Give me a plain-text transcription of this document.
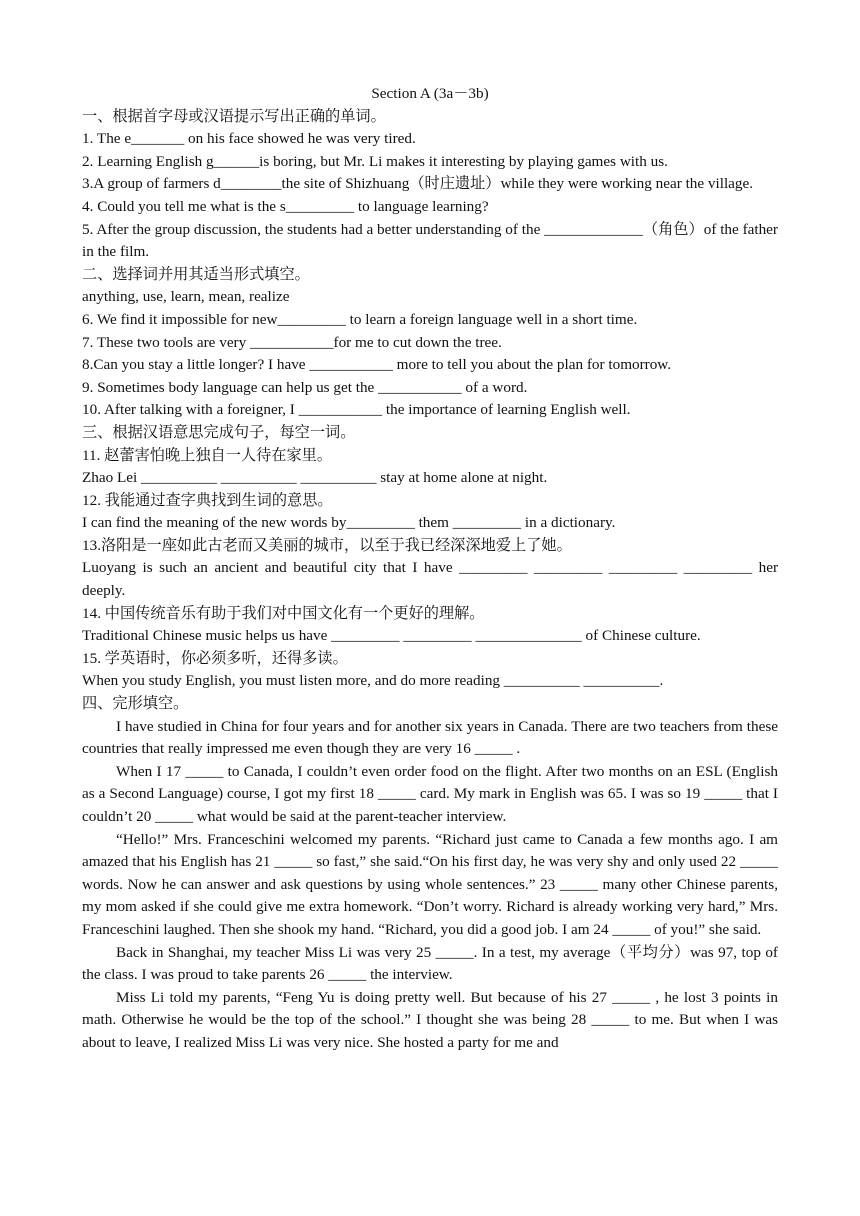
Section A (3a－3b)

一、根据首字母或汉语提示写出正确的单词。

1. The e_______ on his face showed he was very tired.

2. Learning English g______is boring, but Mr. Li makes it interesting by playing games with us.

3.A group of farmers d________the site of Shizhuang（时庄遗址）while they were working near the village.

4. Could you tell me what is the s_________ to language learning?

5. After the group discussion, the students had a better understanding of the _____________（角色）of the father in the film.

二、选择词并用其适当形式填空。

anything, use, learn, mean, realize

6. We find it impossible for new_________ to learn a foreign language well in a short time.

7. These two tools are very ___________for me to cut down the tree.

8.Can you stay a little longer? I have ___________ more to tell you about the plan for tomorrow.

9. Sometimes body language can help us get the ___________ of a word.

10. After talking with a foreigner, I ___________ the importance of learning English well.

三、根据汉语意思完成句子，每空一词。

11. 赵蕾害怕晚上独自一人待在家里。

Zhao Lei __________ __________ __________ stay at home alone at night.

12. 我能通过查字典找到生词的意思。

I can find the meaning of the new words by_________ them _________ in a dictionary.

13.洛阳是一座如此古老而又美丽的城市，以至于我已经深深地爱上了她。

Luoyang is such an ancient and beautiful city that I have _________ _________ _________ _________ her deeply.

14. 中国传统音乐有助于我们对中国文化有一个更好的理解。

Traditional Chinese music helps us have _________ _________ ______________ of Chinese culture.

15. 学英语时，你必须多听，还得多读。

When you study English, you must listen more, and do more reading __________ __________.

四、完形填空。

I have studied in China for four years and for another six years in Canada. There are two teachers from these countries that really impressed me even though they are very 16 _____ .

When I 17 _____ to Canada, I couldn’t even order food on the flight. After two months on an ESL (English as a Second Language) course, I got my first 18 _____ card. My mark in English was 65. I was so 19 _____ that I couldn’t 20 _____ what would be said at the parent-teacher interview.

“Hello!” Mrs. Franceschini welcomed my parents. “Richard just came to Canada a few months ago. I am amazed that his English has 21 _____ so fast,” she said.“On his first day, he was very shy and only used 22 _____ words. Now he can answer and ask questions by using whole sentences.” 23 _____ many other Chinese parents, my mom asked if she could give me extra homework. “Don’t worry. Richard is already working very hard,” Mrs. Franceschini laughed. Then she shook my hand. “Richard, you did a good job. I am 24 _____ of you!” she said.

Back in Shanghai, my teacher Miss Li was very 25 _____. In a test, my average（平均分）was 97, top of the class. I was proud to take parents 26 _____ the interview.

Miss Li told my parents, “Feng Yu is doing pretty well. But because of his 27 _____ , he lost 3 points in math. Otherwise he would be the top of the school.” I thought she was being 28 _____ to me. But when I was about to leave, I realized Miss Li was very nice. She hosted a party for me and
